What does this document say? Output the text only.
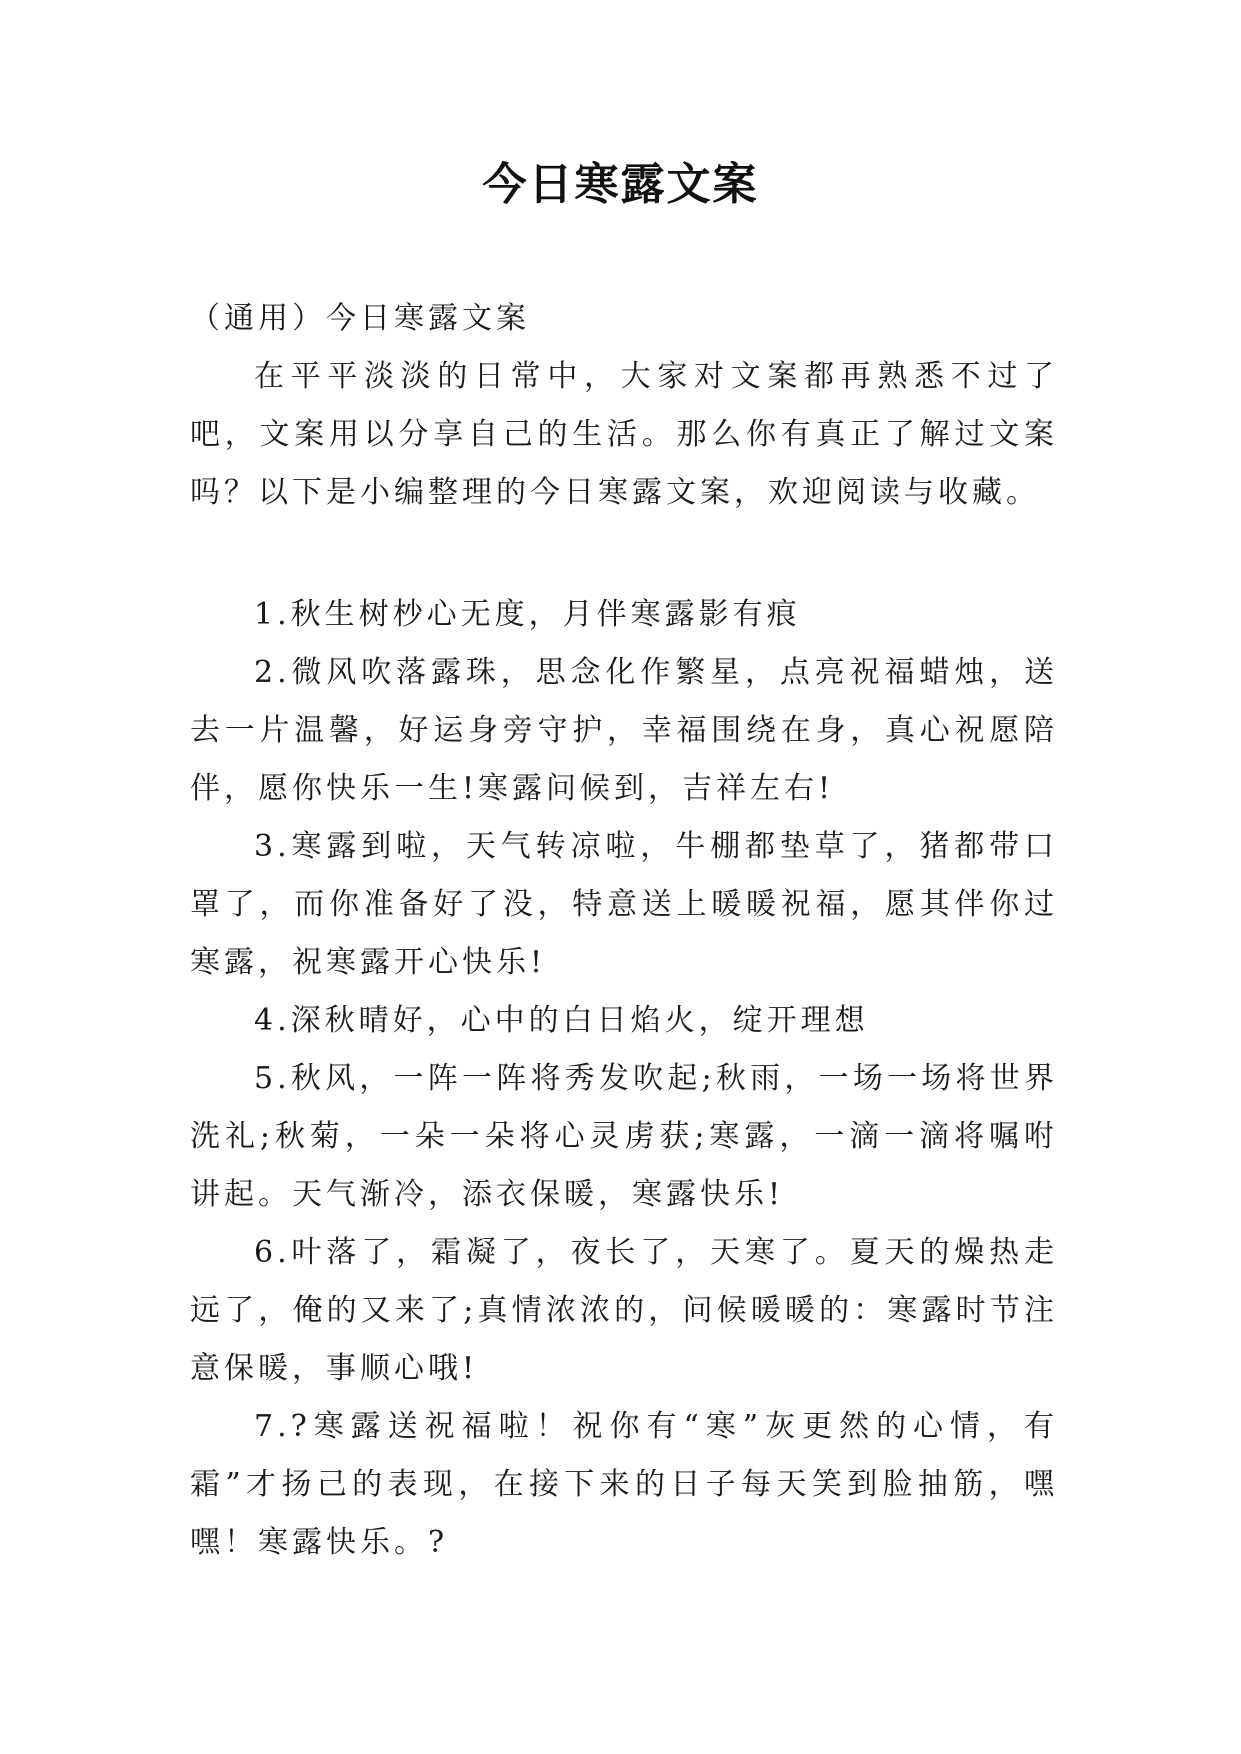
今日寒露文案

（通用）今日寒露文案

在平平淡淡的日常中，大家对文案都再熟悉不过了吧，文案用以分享自己的生活。那么你有真正了解过文案吗？以下是小编整理的今日寒露文案，欢迎阅读与收藏。

1.秋生树杪心无度，月伴寒露影有痕

2.微风吹落露珠，思念化作繁星，点亮祝福蜡烛，送去一片温馨，好运身旁守护，幸福围绕在身，真心祝愿陪伴，愿你快乐一生!寒露问候到，吉祥左右!

3.寒露到啦，天气转凉啦，牛棚都垫草了，猪都带口罩了，而你准备好了没，特意送上暖暖祝福，愿其伴你过寒露，祝寒露开心快乐!

4.深秋晴好，心中的白日焰火，绽开理想

5.秋风，一阵一阵将秀发吹起;秋雨，一场一场将世界洗礼;秋菊，一朵一朵将心灵虏获;寒露，一滴一滴将嘱咐讲起。天气渐冷，添衣保暖，寒露快乐!

6.叶落了，霜凝了，夜长了，天寒了。夏天的燥热走远了，俺的又来了;真情浓浓的，问候暖暖的：寒露时节注意保暖，事顺心哦!

7.?寒露送祝福啦！祝你有“寒”灰更然的心情，有霜”才扬己的表现，在接下来的日子每天笑到脸抽筋，嘿嘿！寒露快乐。?
